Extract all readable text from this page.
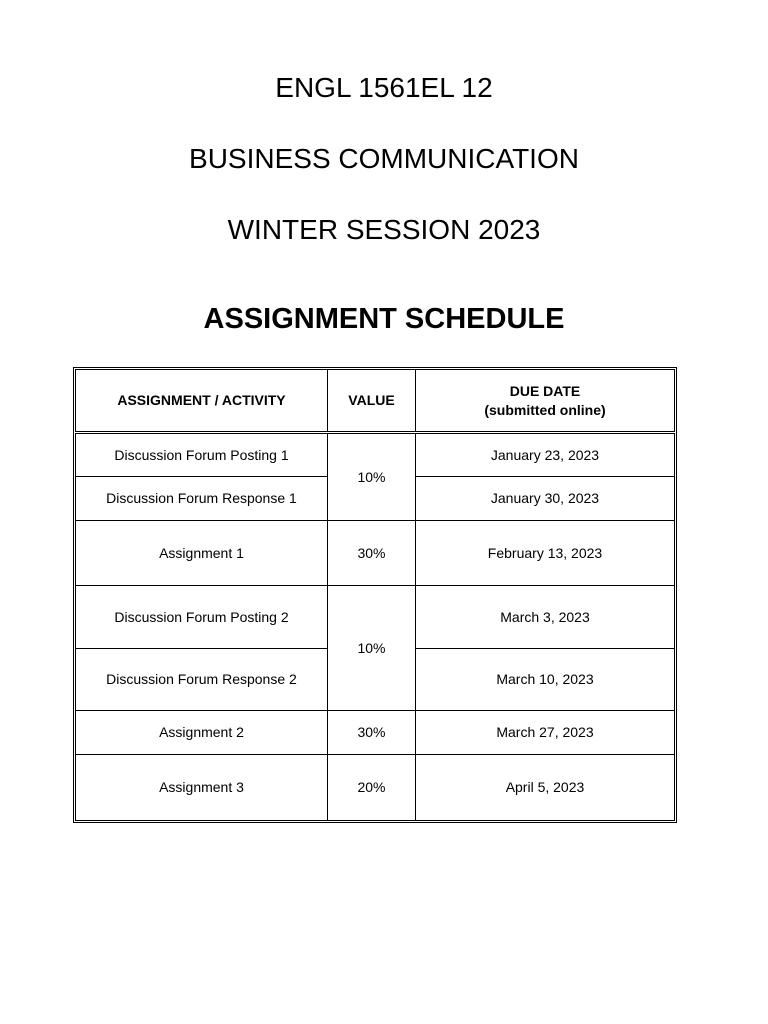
ENGL 1561EL 12
BUSINESS COMMUNICATION
WINTER SESSION 2023
ASSIGNMENT SCHEDULE
ASSIGNMENT / ACTIVITY	VALUE	DUE DATE
(submitted online)

Discussion Forum Posting 1	10%	January 23, 2023
Discussion Forum Response 1		January 30, 2023
Assignment 1	30%	February 13, 2023
Discussion Forum Posting 2	10%	March 3, 2023
Discussion Forum Response 2		March 10, 2023
Assignment 2	30%	March 27, 2023
Assignment 3	20%	April 5, 2023
